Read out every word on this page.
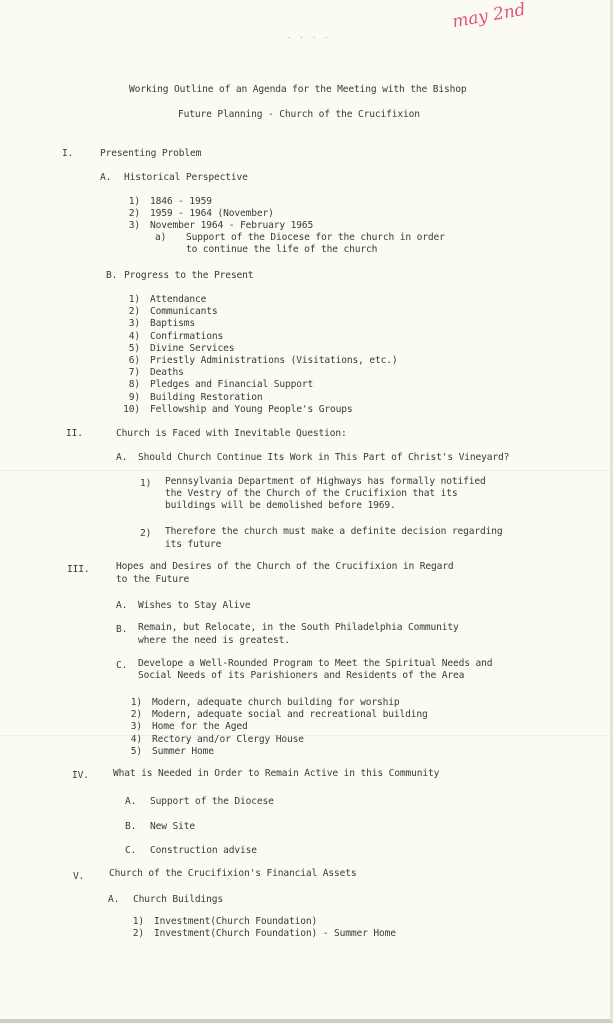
· · · ·
may 2nd
Working Outline of an Agenda for the Meeting with the Bishop
Future Planning - Church of the Crucifixion
I.	Presenting Problem
A. Historical Perspective
1)	1846 - 1959
2)	1959 - 1964 (November)
3)	November 1964 - February 1965
a) Support of the Diocese for the church in order
to continue the life of the church
B. Progress to the Present
1)	Attendance
2)	Communicants
3)	Baptisms
4)	Confirmations
5)	Divine Services
6)	Priestly Administrations (Visitations, etc.)
7)	Deaths
8)	Pledges and Financial Support
9)	Building Restoration
10)	Fellowship and Young People's Groups
II.	Church is Faced with Inevitable Question:
A. Should Church Continue Its Work in This Part of Christ's Vineyard?
1) Pennsylvania Department of Highways has formally notified
the Vestry of the Church of the Crucifixion that its
buildings will be demolished before 1969.
2) Therefore the church must make a definite decision regarding
its future
III.	Hopes and Desires of the Church of the Crucifixion in Regard
to the Future
A. Wishes to Stay Alive
B. Remain, but Relocate, in the South Philadelphia Community
where the need is greatest.
C. Develope a Well-Rounded Program to Meet the Spiritual Needs and
Social Needs of its Parishioners and Residents of the Area
1)	Modern, adequate church building for worship
2)	Modern, adequate social and recreational building
3)	Home for the Aged
4)	Rectory and/or Clergy House
5)	Summer Home
IV.	What is Needed in Order to Remain Active in this Community
A. Support of the Diocese
B. New Site
C. Construction advise
V.	Church of the Crucifixion's Financial Assets
A. Church Buildings
1)	Investment(Church Foundation)
2)	Investment(Church Foundation) - Summer Home
